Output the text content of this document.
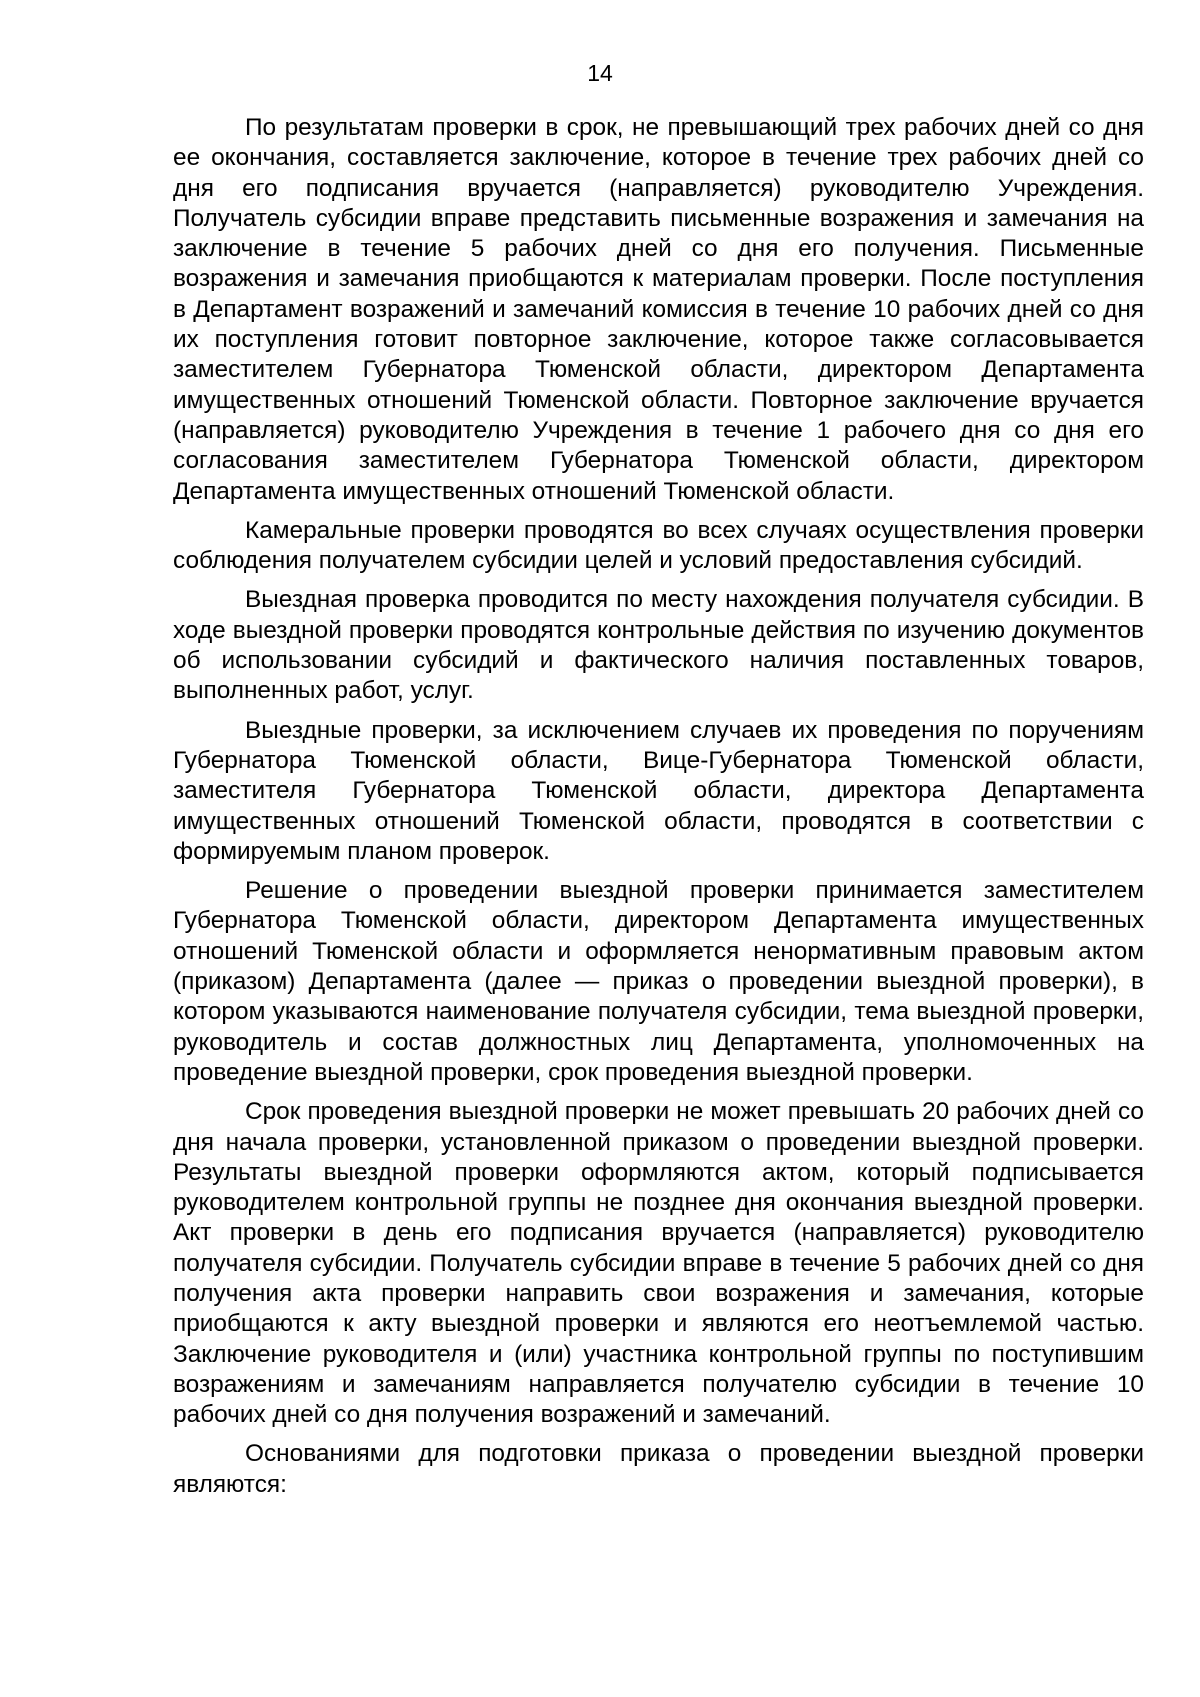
14

По результатам проверки в срок, не превышающий трех рабочих дней со дня ее окончания, составляется заключение, которое в течение трех рабочих дней со дня его подписания вручается (направляется) руководителю Учреждения. Получатель субсидии вправе представить письменные возражения и замечания на заключение в течение 5 рабочих дней со дня его получения. Письменные возражения и замечания приобщаются к материалам проверки. После поступления в Департамент возражений и замечаний комиссия в течение 10 рабочих дней со дня их поступления готовит повторное заключение, которое также согласовывается заместителем Губернатора Тюменской области, директором Департамента имущественных отношений Тюменской области. Повторное заключение вручается (направляется) руководителю Учреждения в течение 1 рабочего дня со дня его согласования заместителем Губернатора Тюменской области, директором Департамента имущественных отношений Тюменской области.

Камеральные проверки проводятся во всех случаях осуществления проверки соблюдения получателем субсидии целей и условий предоставления субсидий.

Выездная проверка проводится по месту нахождения получателя субсидии. В ходе выездной проверки проводятся контрольные действия по изучению документов об использовании субсидий и фактического наличия поставленных товаров, выполненных работ, услуг.

Выездные проверки, за исключением случаев их проведения по поручениям Губернатора Тюменской области, Вице-Губернатора Тюменской области, заместителя Губернатора Тюменской области, директора Департамента имущественных отношений Тюменской области, проводятся в соответствии с формируемым планом проверок.

Решение о проведении выездной проверки принимается заместителем Губернатора Тюменской области, директором Департамента имущественных отношений Тюменской области и оформляется ненормативным правовым актом (приказом) Департамента (далее — приказ о проведении выездной проверки), в котором указываются наименование получателя субсидии, тема выездной проверки, руководитель и состав должностных лиц Департамента, уполномоченных на проведение выездной проверки, срок проведения выездной проверки.

Срок проведения выездной проверки не может превышать 20 рабочих дней со дня начала проверки, установленной приказом о проведении выездной проверки. Результаты выездной проверки оформляются актом, который подписывается руководителем контрольной группы не позднее дня окончания выездной проверки. Акт проверки в день его подписания вручается (направляется) руководителю получателя субсидии. Получатель субсидии вправе в течение 5 рабочих дней со дня получения акта проверки направить свои возражения и замечания, которые приобщаются к акту выездной проверки и являются его неотъемлемой частью. Заключение руководителя и (или) участника контрольной группы по поступившим возражениям и замечаниям направляется получателю субсидии в течение 10 рабочих дней со дня получения возражений и замечаний.

Основаниями для подготовки приказа о проведении выездной проверки являются:
